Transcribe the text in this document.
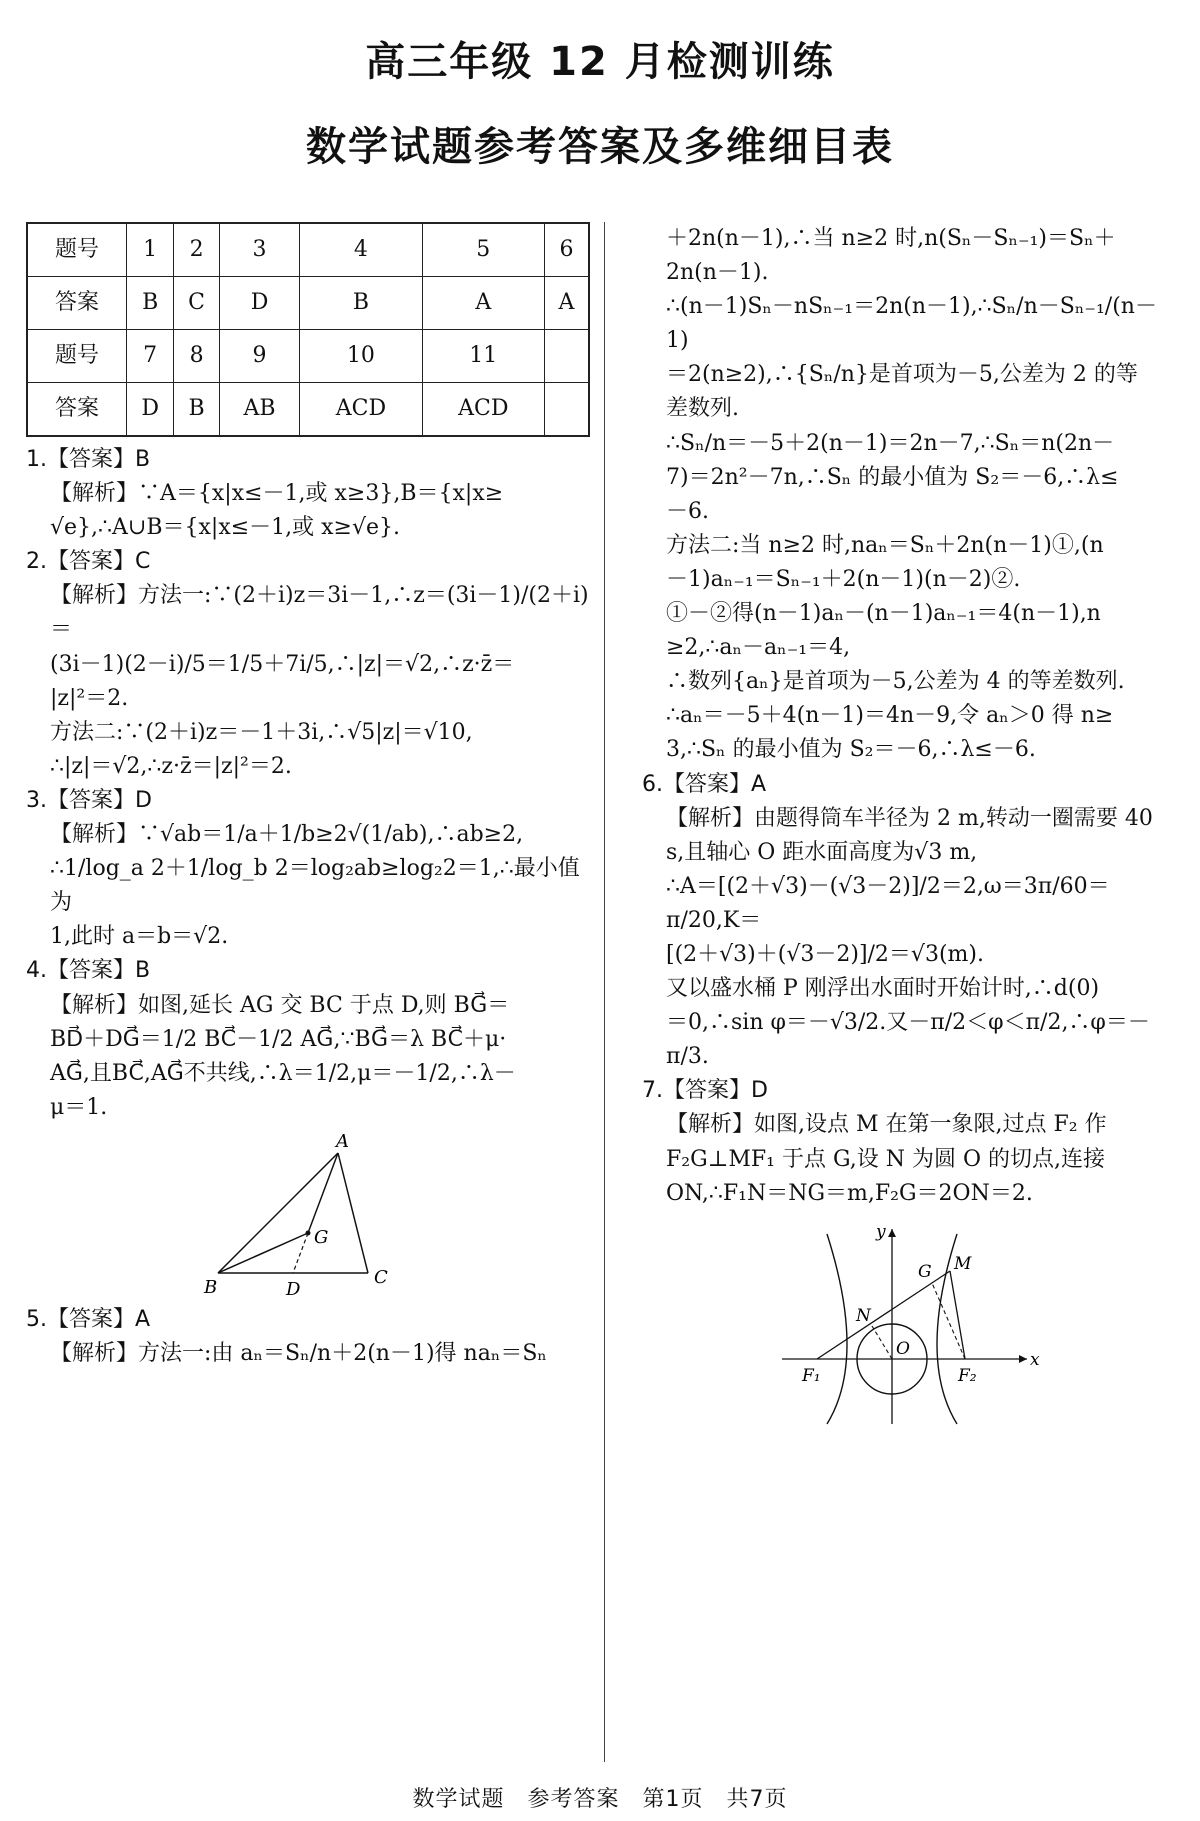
高三年级 12 月检测训练
数学试题参考答案及多维细目表
题号	1	2	3	4	5	6
答案	B	C	D	B	A	A
题号	7	8	9	10	11	
答案	D	B	AB	ACD	ACD	

1.【答案】B

【解析】∵A＝{x|x≤－1,或 x≥3},B＝{x|x≥

√e},∴A∪B＝{x|x≤－1,或 x≥√e}.

2.【答案】C

【解析】方法一:∵(2＋i)z＝3i－1,∴z＝(3i－1)/(2＋i)＝

(3i－1)(2－i)/5＝1/5＋7i/5,∴|z|＝√2,∴z·z̄＝

|z|²＝2.

方法二:∵(2＋i)z＝－1＋3i,∴√5|z|＝√10,

∴|z|＝√2,∴z·z̄＝|z|²＝2.

3.【答案】D

【解析】∵√ab＝1/a＋1/b≥2√(1/ab),∴ab≥2,

∴1/log_a 2＋1/log_b 2＝log₂ab≥log₂2＝1,∴最小值为

1,此时 a＝b＝√2.

4.【答案】B

【解析】如图,延长 AG 交 BC 于点 D,则 BG⃗＝

BD⃗＋DG⃗＝1/2 BC⃗－1/2 AG⃗,∵BG⃗＝λ BC⃗＋μ·

AG⃗,且BC⃗,AG⃗不共线,∴λ＝1/2,μ＝－1/2,∴λ－

μ＝1.

A
G
B	D
C

5.【答案】A

【解析】方法一:由 aₙ＝Sₙ/n＋2(n－1)得 naₙ＝Sₙ

＋2n(n－1),∴当 n≥2 时,n(Sₙ－Sₙ₋₁)＝Sₙ＋

2n(n－1).

∴(n－1)Sₙ－nSₙ₋₁＝2n(n－1),∴Sₙ/n－Sₙ₋₁/(n－1)

＝2(n≥2),∴{Sₙ/n}是首项为－5,公差为 2 的等

差数列.

∴Sₙ/n＝－5＋2(n－1)＝2n－7,∴Sₙ＝n(2n－

7)＝2n²－7n,∴Sₙ 的最小值为 S₂＝－6,∴λ≤

－6.

方法二:当 n≥2 时,naₙ＝Sₙ＋2n(n－1)①,(n

－1)aₙ₋₁＝Sₙ₋₁＋2(n－1)(n－2)②.

①－②得(n－1)aₙ－(n－1)aₙ₋₁＝4(n－1),n

≥2,∴aₙ－aₙ₋₁＝4,

∴数列{aₙ}是首项为－5,公差为 4 的等差数列.

∴aₙ＝－5＋4(n－1)＝4n－9,令 aₙ＞0 得 n≥

3,∴Sₙ 的最小值为 S₂＝－6,∴λ≤－6.

6.【答案】A

【解析】由题得筒车半径为 2 m,转动一圈需要 40

s,且轴心 O 距水面高度为√3 m,

∴A＝[(2＋√3)－(√3－2)]/2＝2,ω＝3π/60＝π/20,K＝

[(2＋√3)＋(√3－2)]/2＝√3(m).

又以盛水桶 P 刚浮出水面时开始计时,∴d(0)

＝0,∴sin φ＝－√3/2.又－π/2＜φ＜π/2,∴φ＝－π/3.

7.【答案】D

【解析】如图,设点 M 在第一象限,过点 F₂ 作

F₂G⊥MF₁ 于点 G,设 N 为圆 O 的切点,连接

ON,∴F₁N＝NG＝m,F₂G＝2ON＝2.

y
M
G
N
O
F₁	F₂
x
数学试题　参考答案　第1页　共7页
